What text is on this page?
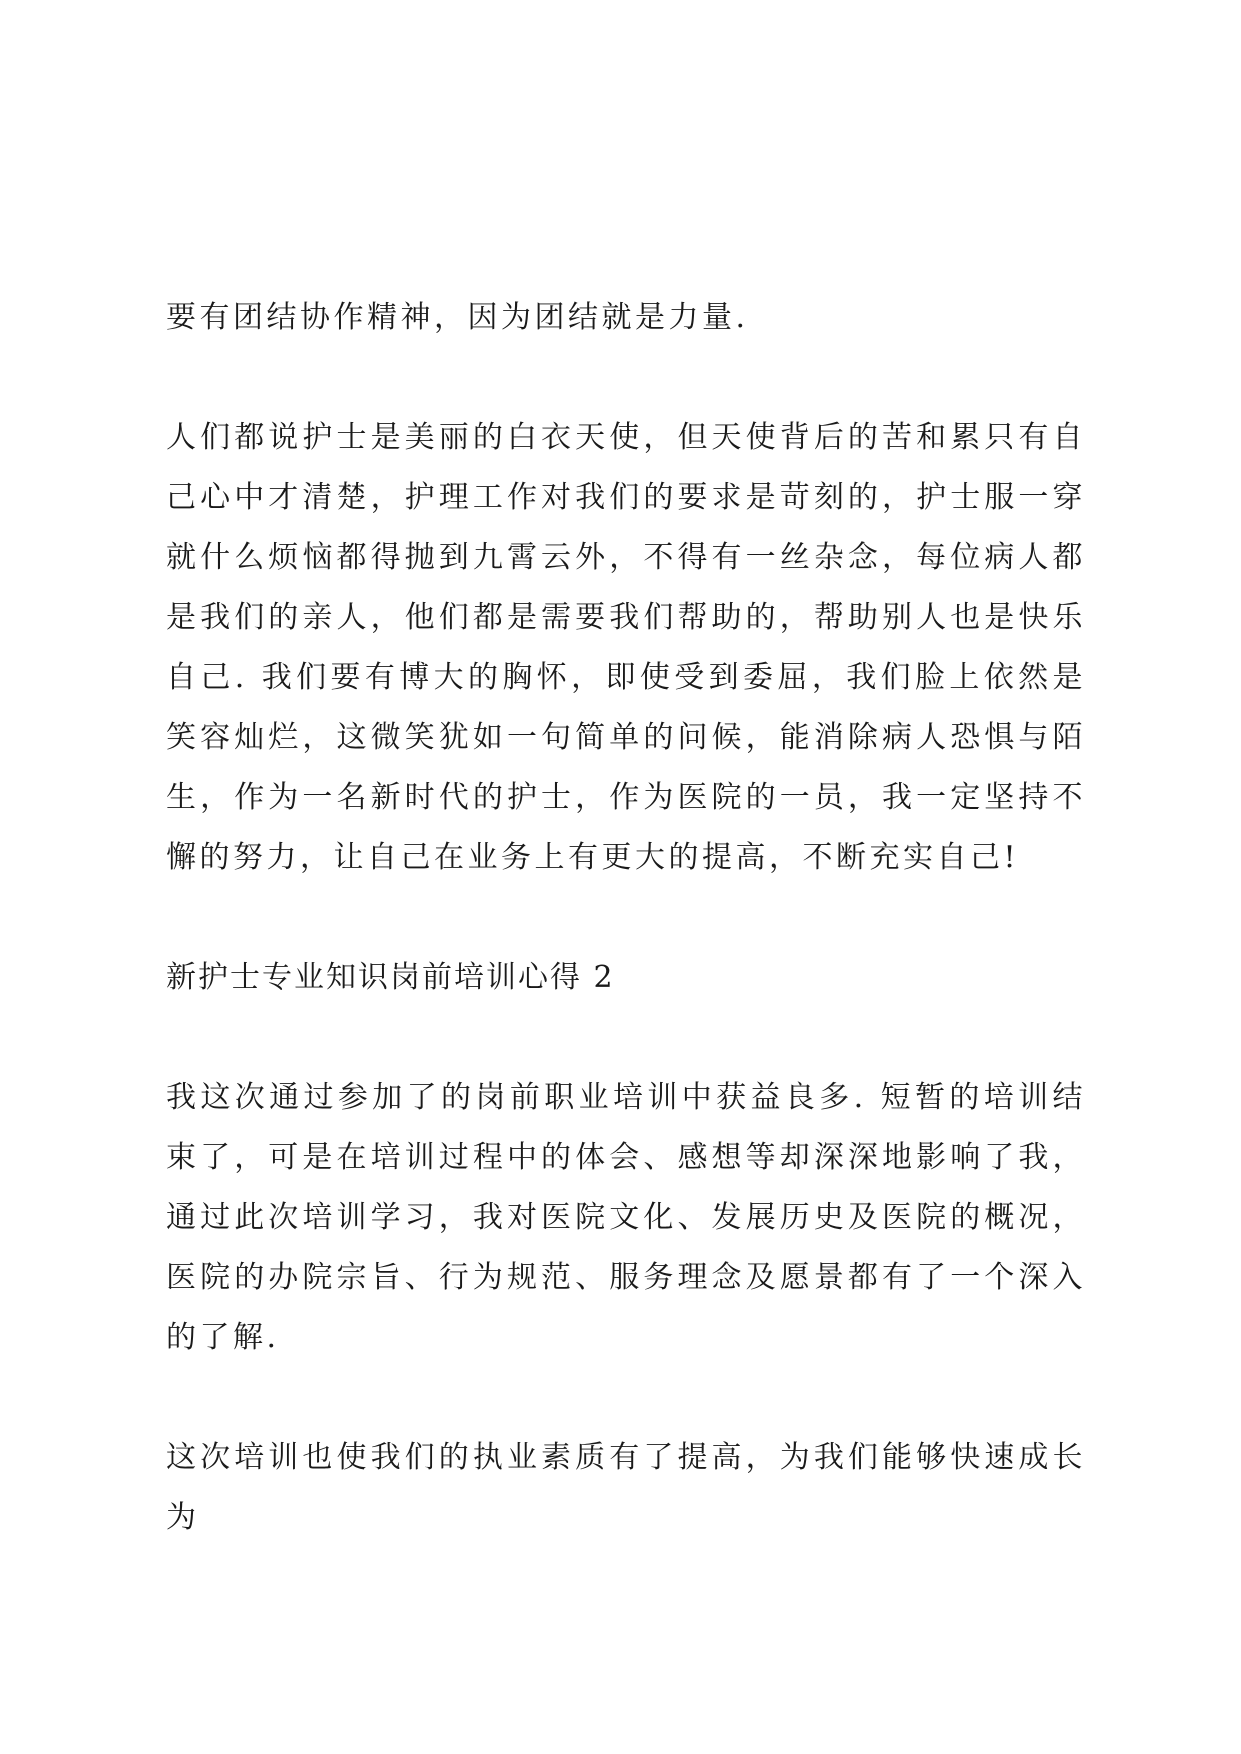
要有团结协作精神，因为团结就是力量.

人们都说护士是美丽的白衣天使，但天使背后的苦和累只有自己心中才清楚，护理工作对我们的要求是苛刻的，护士服一穿就什么烦恼都得抛到九霄云外，不得有一丝杂念，每位病人都是我们的亲人，他们都是需要我们帮助的，帮助别人也是快乐自己. 我们要有博大的胸怀，即使受到委屈，我们脸上依然是笑容灿烂，这微笑犹如一句简单的问候，能消除病人恐惧与陌生，作为一名新时代的护士，作为医院的一员，我一定坚持不懈的努力，让自己在业务上有更大的提高，不断充实自己!

新护士专业知识岗前培训心得 2

我这次通过参加了的岗前职业培训中获益良多. 短暂的培训结束了，可是在培训过程中的体会、感想等却深深地影响了我，通过此次培训学习，我对医院文化、发展历史及医院的概况，医院的办院宗旨、行为规范、服务理念及愿景都有了一个深入的了解.

这次培训也使我们的执业素质有了提高，为我们能够快速成长为
